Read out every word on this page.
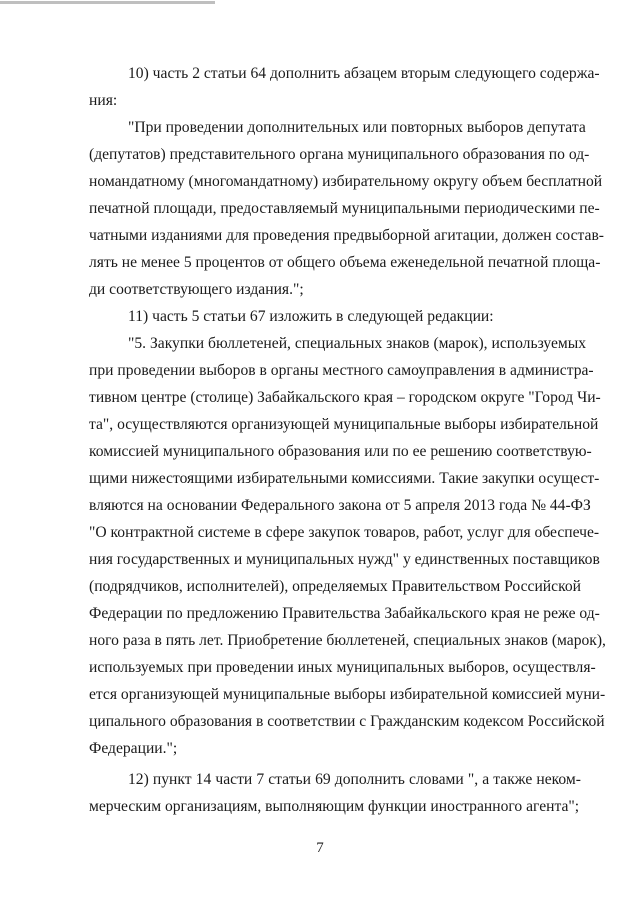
10) часть 2 статьи 64 дополнить абзацем вторым следующего содержа-
ния:
"При проведении дополнительных или повторных выборов депутата
(депутатов) представительного органа муниципального образования по од-
номандатному (многомандатному) избирательному округу объем бесплатной
печатной площади, предоставляемый муниципальными периодическими пе-
чатными изданиями для проведения предвыборной агитации, должен состав-
лять не менее 5 процентов от общего объема еженедельной печатной площа-
ди соответствующего издания.";
11) часть 5 статьи 67 изложить в следующей редакции:
"5. Закупки бюллетеней, специальных знаков (марок), используемых
при проведении выборов в органы местного самоуправления в администра-
тивном центре (столице) Забайкальского края – городском округе "Город Чи-
та", осуществляются организующей муниципальные выборы избирательной
комиссией муниципального образования или по ее решению соответствую-
щими нижестоящими избирательными комиссиями. Такие закупки осущест-
вляются на основании Федерального закона от 5 апреля 2013 года № 44-ФЗ
"О контрактной системе в сфере закупок товаров, работ, услуг для обеспече-
ния государственных и муниципальных нужд" у единственных поставщиков
(подрядчиков, исполнителей), определяемых Правительством Российской
Федерации по предложению Правительства Забайкальского края не реже од-
ного раза в пять лет. Приобретение бюллетеней, специальных знаков (марок),
используемых при проведении иных муниципальных выборов, осуществля-
ется организующей муниципальные выборы избирательной комиссией муни-
ципального образования в соответствии с Гражданским кодексом Российской
Федерации.";
12) пункт 14 части 7 статьи 69 дополнить словами ", а также неком-
мерческим организациям, выполняющим функции иностранного агента";
7
